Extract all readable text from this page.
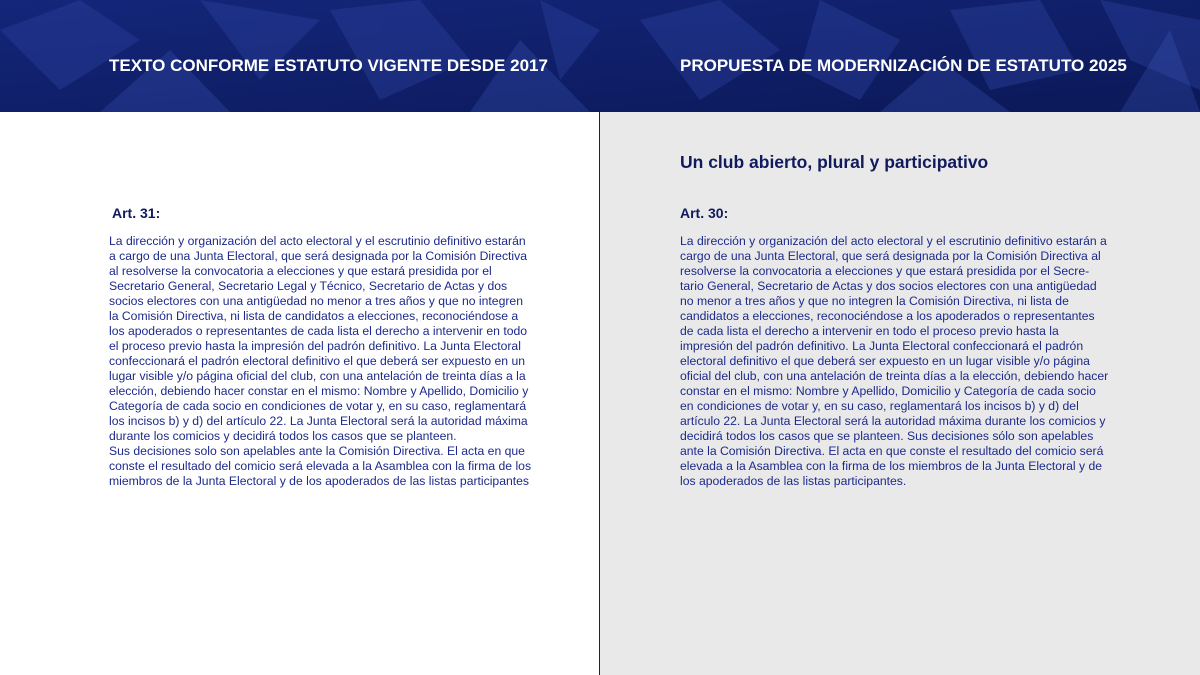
TEXTO CONFORME ESTATUTO VIGENTE DESDE 2017	PROPUESTA DE MODERNIZACIÓN DE ESTATUTO 2025
Art. 31:

La dirección y organización del acto electoral y el escrutinio definitivo estarán a cargo de una Junta Electoral, que será designada por la Comisión Directiva al resolverse la convocatoria a elecciones y que estará presidida por el Secretario General, Secretario Legal y Técnico, Secretario de Actas y dos socios electores con una antigüedad no menor a tres años y que no integren la Comisión Directiva, ni lista de candidatos a elecciones, reconociéndose a los apoderados o representantes de cada lista el derecho a intervenir en todo el proceso previo hasta la impresión del padrón definitivo. La Junta Electoral confeccionará el padrón electoral definitivo el que deberá ser expuesto en un lugar visible y/o página oficial del club, con una antelación de treinta días a la elección, debiendo hacer constar en el mismo: Nombre y Apellido, Domicilio y Categoría de cada socio en condiciones de votar y, en su caso, reglamentará los incisos b) y d) del artículo 22. La Junta Electoral será la autoridad máxima durante los comicios y decidirá todos los casos que se planteen.

Sus decisiones solo son apelables ante la Comisión Directiva. El acta en que conste el resultado del comicio será elevada a la Asamblea con la firma de los miembros de la Junta Electoral y de los apoderados de las listas participantes

Un club abierto, plural y participativo
Art. 30:

La dirección y organización del acto electoral y el escrutinio definitivo estarán a cargo de una Junta Electoral, que será designada por la Comisión Directiva al resolverse la convocatoria a elecciones y que estará presidida por el Secre-tario General, Secretario de Actas y dos socios electores con una antigüedad no menor a tres años y que no integren la Comisión Directiva, ni lista de candidatos a elecciones, reconociéndose a los apoderados o representantes de cada lista el derecho a intervenir en todo el proceso previo hasta la impresión del padrón definitivo. La Junta Electoral confeccionará el padrón electoral definitivo el que deberá ser expuesto en un lugar visible y/o página oficial del club, con una antelación de treinta días a la elección, debiendo hacer constar en el mismo: Nombre y Apellido, Domicilio y Categoría de cada socio en condiciones de votar y, en su caso, reglamentará los incisos b) y d) del artículo 22. La Junta Electoral será la autoridad máxima durante los comicios y decidirá todos los casos que se planteen. Sus decisiones sólo son apelables ante la Comisión Directiva. El acta en que conste el resultado del comicio será elevada a la Asamblea con la firma de los miembros de la Junta Electoral y de los apoderados de las listas participantes.
